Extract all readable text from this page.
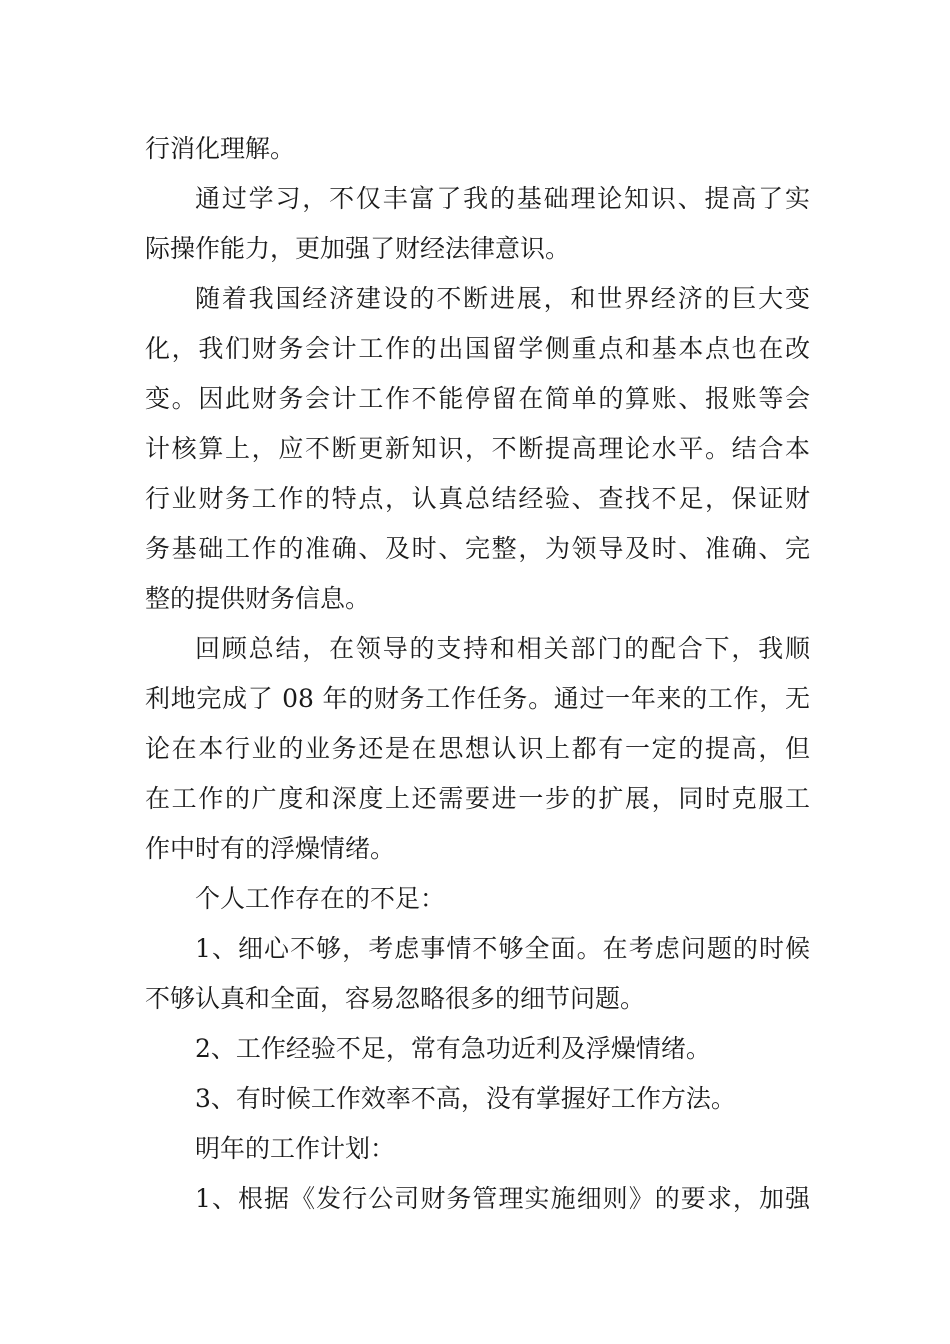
行消化理解。
通过学习，不仅丰富了我的基础理论知识、提高了实
际操作能力，更加强了财经法律意识。
随着我国经济建设的不断进展，和世界经济的巨大变
化，我们财务会计工作的出国留学侧重点和基本点也在改
变。因此财务会计工作不能停留在简单的算账、报账等会
计核算上，应不断更新知识，不断提高理论水平。结合本
行业财务工作的特点，认真总结经验、查找不足，保证财
务基础工作的准确、及时、完整，为领导及时、准确、完
整的提供财务信息。
回顾总结，在领导的支持和相关部门的配合下，我顺
利地完成了 08 年的财务工作任务。通过一年来的工作，无
论在本行业的业务还是在思想认识上都有一定的提高，但
在工作的广度和深度上还需要进一步的扩展，同时克服工
作中时有的浮燥情绪。
个人工作存在的不足：
1、细心不够，考虑事情不够全面。在考虑问题的时候
不够认真和全面，容易忽略很多的细节问题。
2、工作经验不足，常有急功近利及浮燥情绪。
3、有时候工作效率不高，没有掌握好工作方法。
明年的工作计划：
1、根据《发行公司财务管理实施细则》的要求，加强
